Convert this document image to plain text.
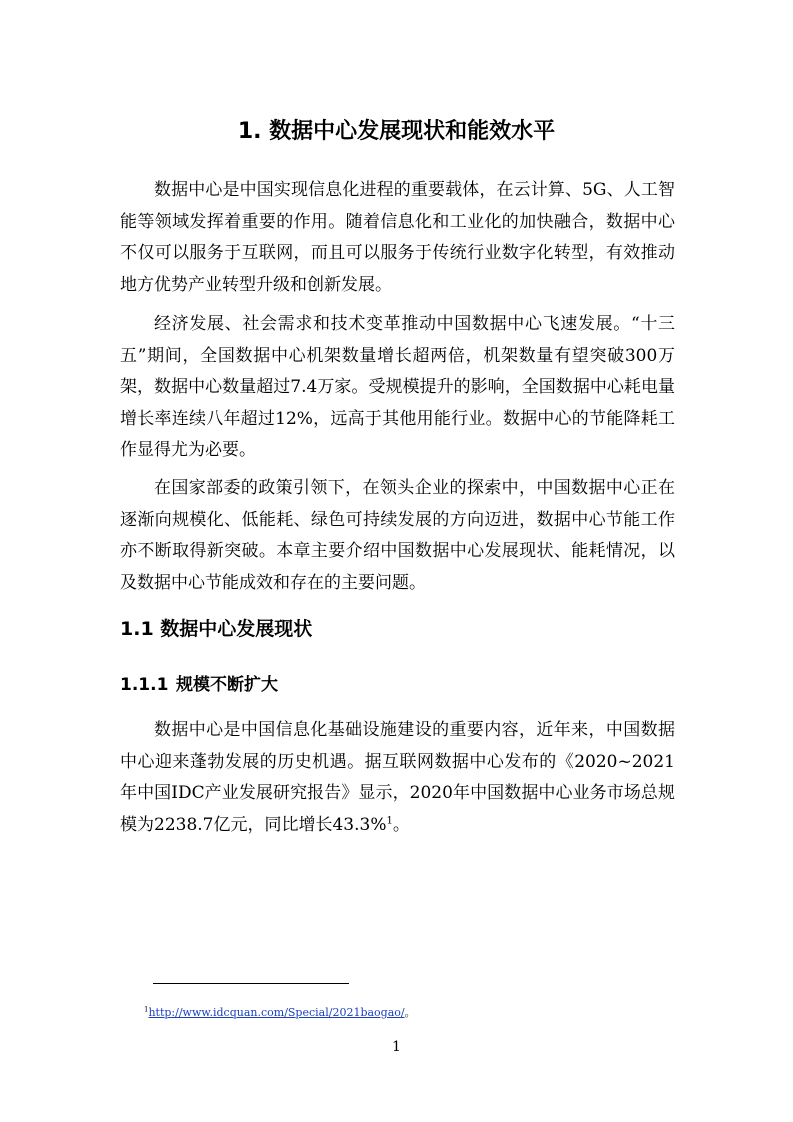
1. 数据中心发展现状和能效水平

数据中心是中国实现信息化进程的重要载体，在云计算、5G、人工智能等领域发挥着重要的作用。随着信息化和工业化的加快融合，数据中心不仅可以服务于互联网，而且可以服务于传统行业数字化转型，有效推动地方优势产业转型升级和创新发展。

经济发展、社会需求和技术变革推动中国数据中心飞速发展。“十三五”期间，全国数据中心机架数量增长超两倍，机架数量有望突破300万架，数据中心数量超过7.4万家。受规模提升的影响，全国数据中心耗电量增长率连续八年超过12%，远高于其他用能行业。数据中心的节能降耗工作显得尤为必要。

在国家部委的政策引领下，在领头企业的探索中，中国数据中心正在逐渐向规模化、低能耗、绿色可持续发展的方向迈进，数据中心节能工作亦不断取得新突破。本章主要介绍中国数据中心发展现状、能耗情况，以及数据中心节能成效和存在的主要问题。

1.1 数据中心发展现状
1.1.1 规模不断扩大

数据中心是中国信息化基础设施建设的重要内容，近年来，中国数据中心迎来蓬勃发展的历史机遇。据互联网数据中心发布的《2020~2021年中国IDC产业发展研究报告》显示，2020年中国数据中心业务市场总规模为2238.7亿元，同比增长43.3%$^1$。

$^1$http://www.idcquan.com/Special/2021baogao/。

1
